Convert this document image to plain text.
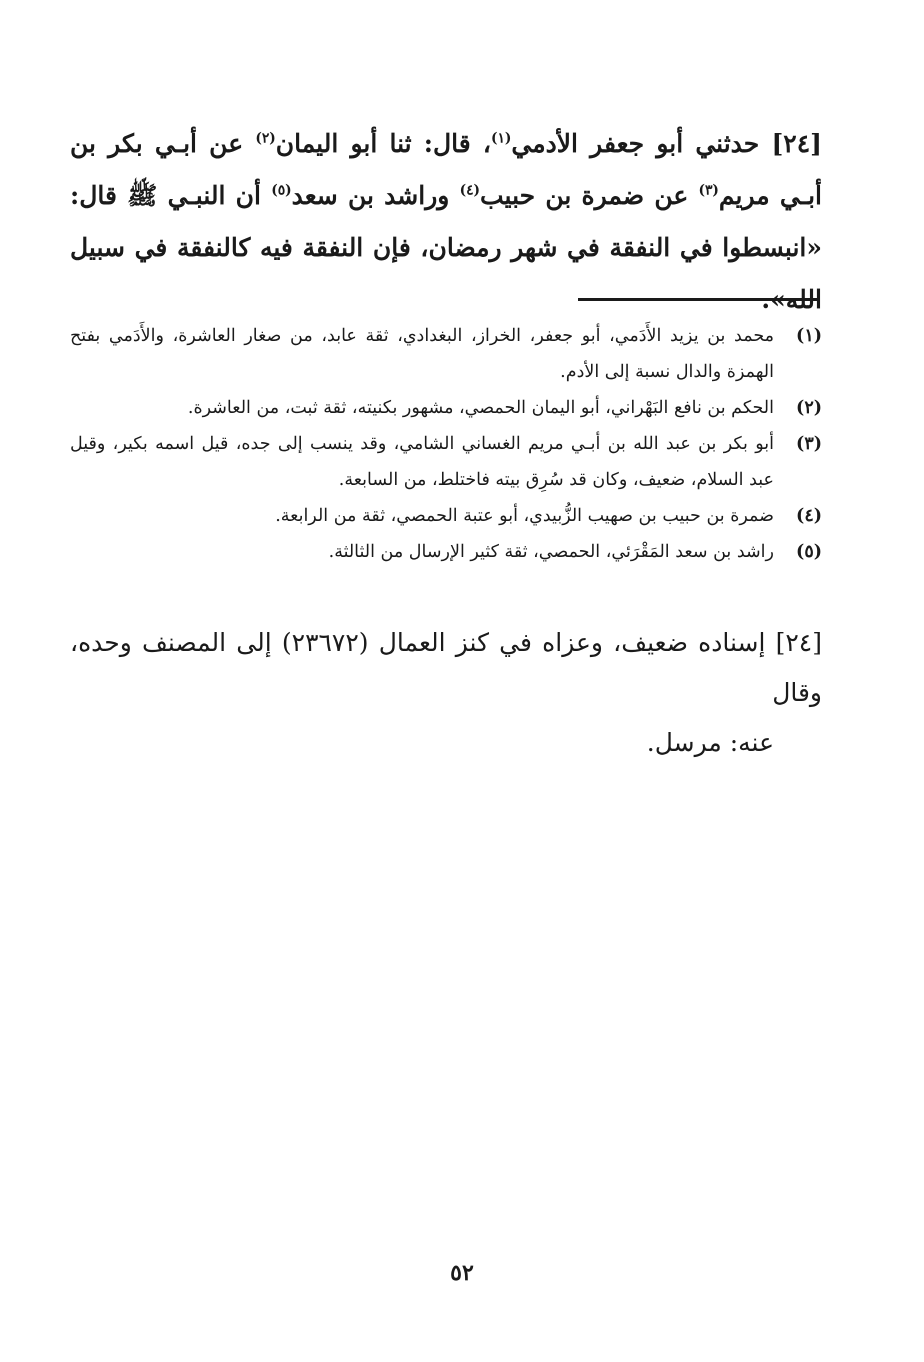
[٢٤] حدثني أبو جعفر الأدمي$^{(١)}$، قال: ثنا أبو اليمان$^{(٢)}$ عن أبـي بكر بن أبـي مريم$^{(٣)}$ عن ضمرة بن حبيب$^{(٤)}$ وراشد بن سعد$^{(٥)}$ أن النبـي ﷺ قال: «انبسطوا في النفقة في شهر رمضان، فإن النفقة فيه كالنفقة في سبيل الله».

(١)
محمد بن يزيد الأَدَمي، أبو جعفر، الخراز، البغدادي، ثقة عابد، من صغار العاشرة، والأَدَمي بفتح الهمزة والدال نسبة إلى الأدم.
(٢)
الحكم بن نافع البَهْراني، أبو اليمان الحمصي، مشهور بكنيته، ثقة ثبت، من العاشرة.
(٣)
أبو بكر بن عبد الله بن أبـي مريم الغساني الشامي، وقد ينسب إلى جده، قيل اسمه بكير، وقيل عبد السلام، ضعيف، وكان قد سُرِق بيته فاختلط، من السابعة.
(٤)
ضمرة بن حبيب بن صهيب الزُّبيدي، أبو عتبة الحمصي، ثقة من الرابعة.
(٥)
راشد بن سعد المَقْرَئي، الحمصي، ثقة كثير الإرسال من الثالثة.
[٢٤] إسناده ضعيف، وعزاه في كنز العمال (٢٣٦٧٢) إلى المصنف وحده، وقال
عنه: مرسل.
٥٢
